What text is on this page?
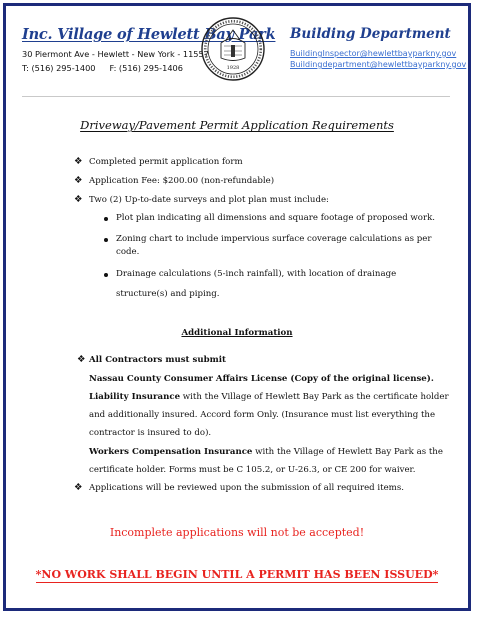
Inc. Village of Hewlett Bay Park
30 Piermont Ave - Hewlett - New York - 11557
T: (516) 295-1400 F: (516) 295-1406	1928
Building Department
BuildingInspector@hewlettbayparkny.gov
Buildingdepartment@hewlettbayparkny.gov
Driveway/Pavement Permit Application Requirements
❖ Completed permit application form
❖ Application Fee: $200.00 (non-refundable)
❖ Two (2) Up-to-date surveys and plot plan must include:
Plot plan indicating all dimensions and square footage of proposed work.
Zoning chart to include impervious surface coverage calculations as per
code.
Drainage calculations (5-inch rainfall), with location of drainage
structure(s) and piping.
Additional Information
❖ All Contractors must submit
Nassau County Consumer Affairs License (Copy of the original license).
Liability Insurance with the Village of Hewlett Bay Park as the certificate holder
and additionally insured. Accord form Only. (Insurance must list everything the
contractor is insured to do).
Workers Compensation Insurance with the Village of Hewlett Bay Park as the
certificate holder. Forms must be C 105.2, or U-26.3, or CE 200 for waiver.
❖ Applications will be reviewed upon the submission of all required items.
Incomplete applications will not be accepted!
*NO WORK SHALL BEGIN UNTIL A PERMIT HAS BEEN ISSUED*
